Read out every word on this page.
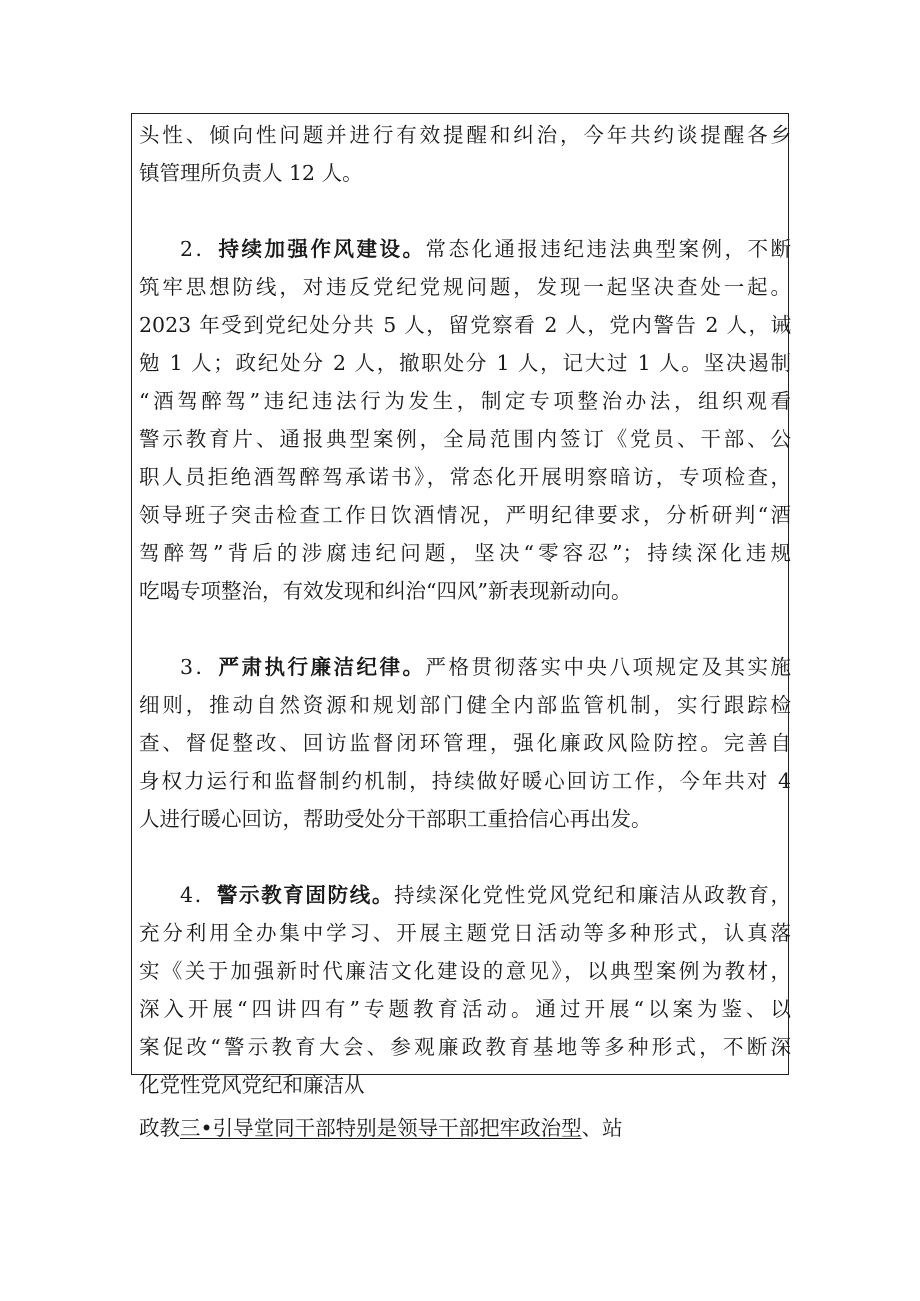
头性、倾向性问题并进行有效提醒和纠治，今年共约谈提醒各乡
镇管理所负责人 12 人。
2．持续加强作风建设。常态化通报违纪违法典型案例，不断
筑牢思想防线，对违反党纪党规问题，发现一起坚决查处一起。
2023 年受到党纪处分共 5 人，留党察看 2 人，党内警告 2 人，诫
勉 1 人；政纪处分 2 人，撤职处分 1 人，记大过 1 人。坚决遏制
“酒驾醉驾”违纪违法行为发生，制定专项整治办法，组织观看
警示教育片、通报典型案例，全局范围内签订《党员、干部、公
职人员拒绝酒驾醉驾承诺书》，常态化开展明察暗访，专项检查，
领导班子突击检查工作日饮酒情况，严明纪律要求，分析研判“酒
驾醉驾”背后的涉腐违纪问题，坚决“零容忍”；持续深化违规
吃喝专项整治，有效发现和纠治“四风”新表现新动向。
3．严肃执行廉洁纪律。严格贯彻落实中央八项规定及其实施
细则，推动自然资源和规划部门健全内部监管机制，实行跟踪检
查、督促整改、回访监督闭环管理，强化廉政风险防控。完善自
身权力运行和监督制约机制，持续做好暖心回访工作，今年共对 4
人进行暖心回访，帮助受处分干部职工重拾信心再出发。
4．警示教育固防线。持续深化党性党风党纪和廉洁从政教育，
充分利用全办集中学习、开展主题党日活动等多种形式，认真落
实《关于加强新时代廉洁文化建设的意见》，以典型案例为教材，
深入开展“四讲四有”专题教育活动。通过开展“以案为鉴、以
案促改“警示教育大会、参观廉政教育基地等多种形式，不断深
化党性党风党纪和廉洁从
政教三•引导堂同干部特别是领导干部把牢政治型、站
